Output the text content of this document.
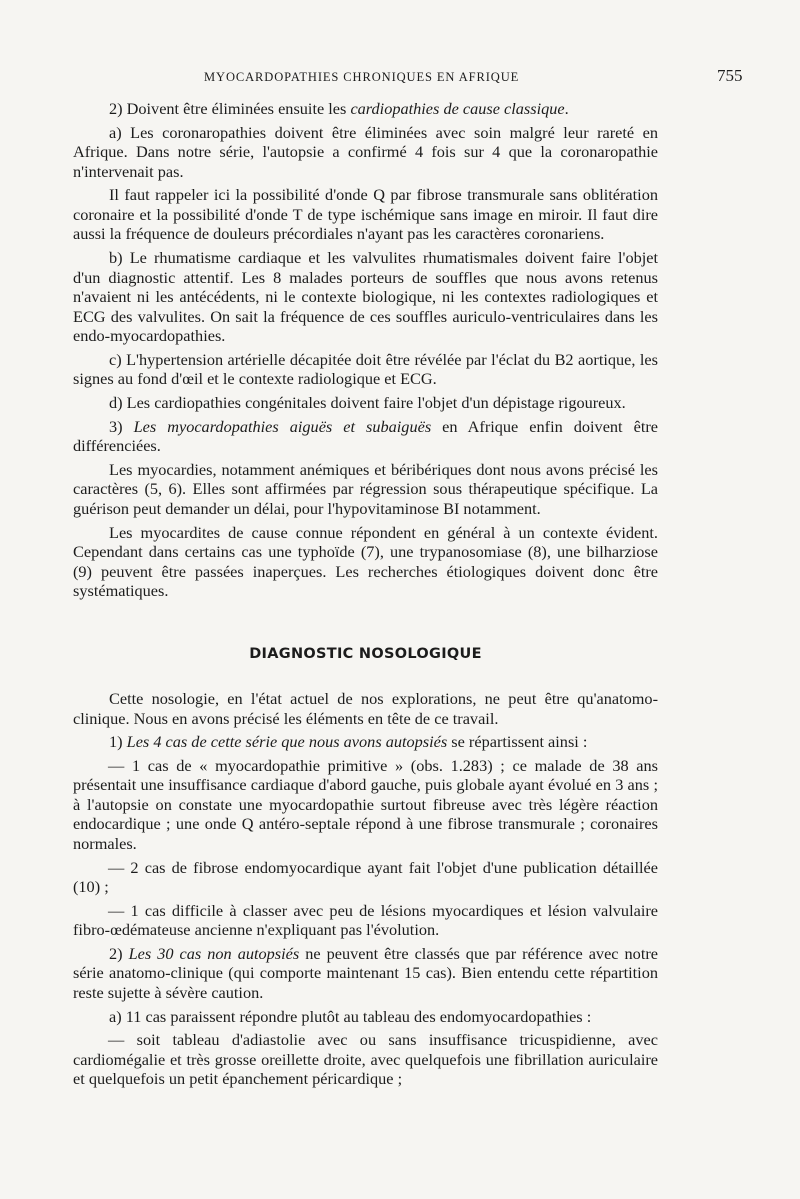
MYOCARDOPATHIES CHRONIQUES EN AFRIQUE	755

2) Doivent être éliminées ensuite les cardiopathies de cause classique.

a) Les coronaropathies doivent être éliminées avec soin malgré leur rareté en Afrique. Dans notre série, l'autopsie a confirmé 4 fois sur 4 que la coronaropathie n'intervenait pas.

Il faut rappeler ici la possibilité d'onde Q par fibrose transmurale sans oblitération coronaire et la possibilité d'onde T de type ischémique sans image en miroir. Il faut dire aussi la fréquence de douleurs précordiales n'ayant pas les caractères coronariens.

b) Le rhumatisme cardiaque et les valvulites rhumatismales doivent faire l'objet d'un diagnostic attentif. Les 8 malades porteurs de souffles que nous avons retenus n'avaient ni les antécédents, ni le contexte biologique, ni les contextes radiologiques et ECG des valvulites. On sait la fréquence de ces souffles auriculo-ventriculaires dans les endo-myocardopathies.

c) L'hypertension artérielle décapitée doit être révélée par l'éclat du B2 aortique, les signes au fond d'œil et le contexte radiologique et ECG.

d) Les cardiopathies congénitales doivent faire l'objet d'un dépistage rigoureux.

3) Les myocardopathies aiguës et subaiguës en Afrique enfin doivent être différenciées.

Les myocardies, notamment anémiques et béribériques dont nous avons précisé les caractères (5, 6). Elles sont affirmées par régression sous thérapeutique spécifique. La guérison peut demander un délai, pour l'hypovitaminose BI notamment.

Les myocardites de cause connue répondent en général à un contexte évident. Cependant dans certains cas une typhoïde (7), une trypanosomiase (8), une bilharziose (9) peuvent être passées inaperçues. Les recherches étiologiques doivent donc être systématiques.

DIAGNOSTIC NOSOLOGIQUE

Cette nosologie, en l'état actuel de nos explorations, ne peut être qu'anatomo-clinique. Nous en avons précisé les éléments en tête de ce travail.

1) Les 4 cas de cette série que nous avons autopsiés se répartissent ainsi :

— 1 cas de « myocardopathie primitive » (obs. 1.283) ; ce malade de 38 ans présentait une insuffisance cardiaque d'abord gauche, puis globale ayant évolué en 3 ans ; à l'autopsie on constate une myocardopathie surtout fibreuse avec très légère réaction endocardique ; une onde Q antéro-septale répond à une fibrose transmurale ; coronaires normales.

— 2 cas de fibrose endomyocardique ayant fait l'objet d'une publication détaillée (10) ;

— 1 cas difficile à classer avec peu de lésions myocardiques et lésion valvulaire fibro-œdémateuse ancienne n'expliquant pas l'évolution.

2) Les 30 cas non autopsiés ne peuvent être classés que par référence avec notre série anatomo-clinique (qui comporte maintenant 15 cas). Bien entendu cette répartition reste sujette à sévère caution.

a) 11 cas paraissent répondre plutôt au tableau des endomyocardopathies :

— soit tableau d'adiastolie avec ou sans insuffisance tricuspidienne, avec cardiomégalie et très grosse oreillette droite, avec quelquefois une fibrillation auriculaire et quelquefois un petit épanchement péricardique ;
